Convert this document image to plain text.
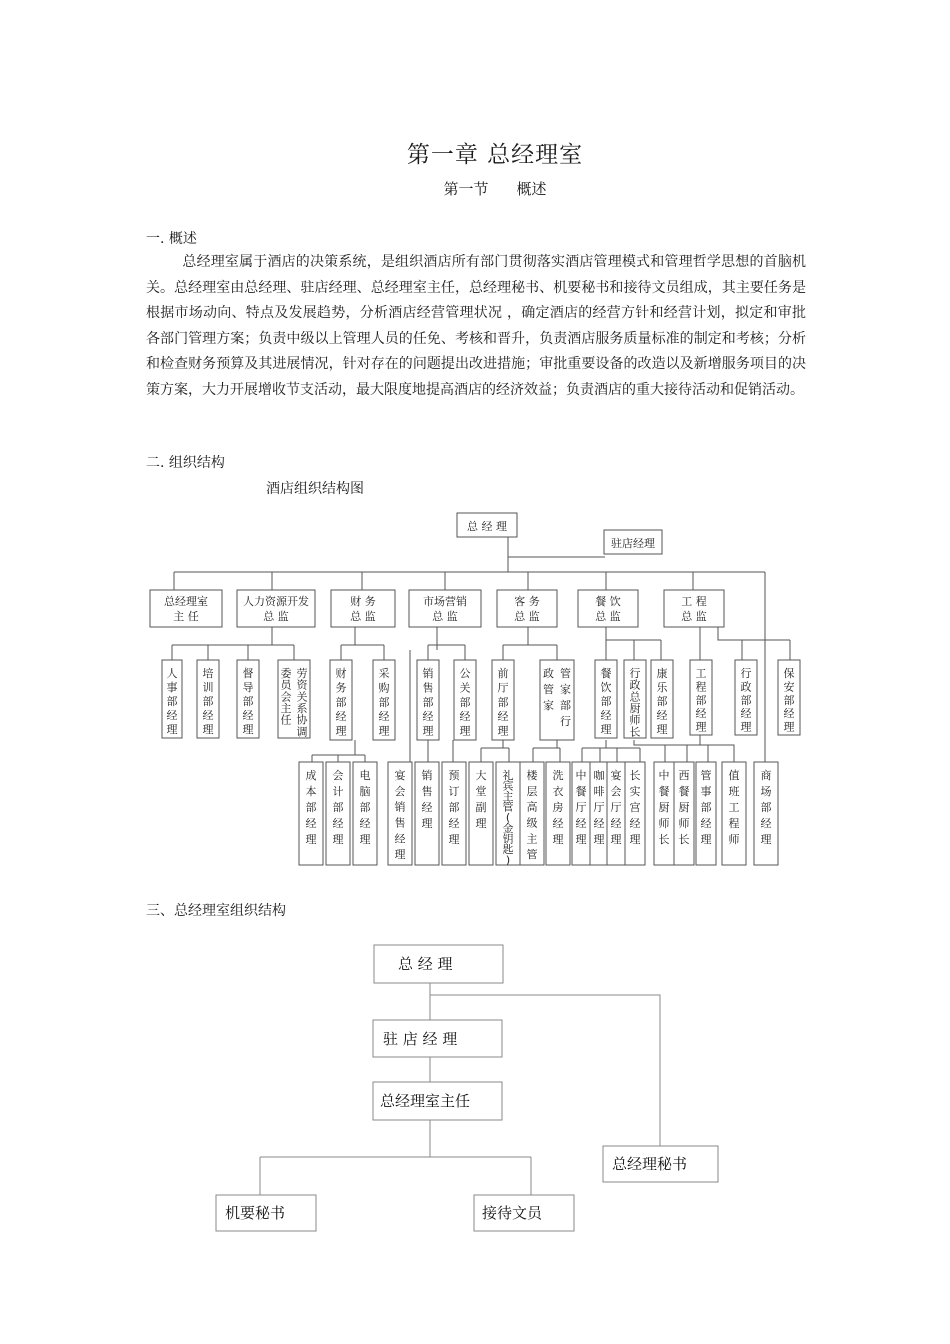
第一章 总经理室
第一节 概述
一. 概述

总经理室属于酒店的决策系统，是组织酒店所有部门贯彻落实酒店管理模式和管理哲学思想的首脑机关。总经理室由总经理、驻店经理、总经理室主任，总经理秘书、机要秘书和接待文员组成，其主要任务是根据市场动向、特点及发展趋势，分析酒店经营管理状况 ，确定酒店的经营方针和经营计划，拟定和审批各部门管理方案；负责中级以上管理人员的任免、考核和晋升，负责酒店服务质量标准的制定和考核；分析和检查财务预算及其进展情况，针对存在的问题提出改进措施；审批重要设备的改造以及新增服务项目的决策方案，大力开展增收节支活动，最大限度地提高酒店的经济效益；负责酒店的重大接待活动和促销活动。

二. 组织结构
酒店组织结构图
总 经 理
驻店经理
总经理室
主 任
人力资源开发
总 监
财 务
总 监
市场营销
总 监
客 务
总 监
餐 饮
总 监
工 程
总 监
人
事
部
经
理
培
训
部
经
理
督
导
部
经
理
劳
资
关
系
协
调
委
员
会
主
任
财
务
部
经
理
采
购
部
经
理
销
售
部
经
理
公
关
部
经
理
前
厅
部
经
理
管
家
部
行
政
管
家
餐
饮
部
经
理
行
政
总
厨
师
长
康
乐
部
经
理
工
程
部
经
理
行
政
部
经
理
保
安
部
经
理
成
本
部
经
理
会
计
部
经
理
电
脑
部
经
理
宴
会
销
售
经
理
销
售
经
理
预
订
部
经
理
大
堂
副
理
礼
宾
主
管
(
金
钥
匙
)
楼
层
高
级
主
管
洗
衣
房
经
理
中
餐
厅
经
理
咖
啡
厅
经
理
宴
会
厅
经
理
长
实
宫
经
理
中
餐
厨
师
长
西
餐
厨
师
长
管
事
部
经
理
值
班
工
程
师
商
场
部
经
理
三、总经理室组织结构
总 经 理
驻 店 经 理
总经理室主任
总经理秘书
机要秘书	接待文员
